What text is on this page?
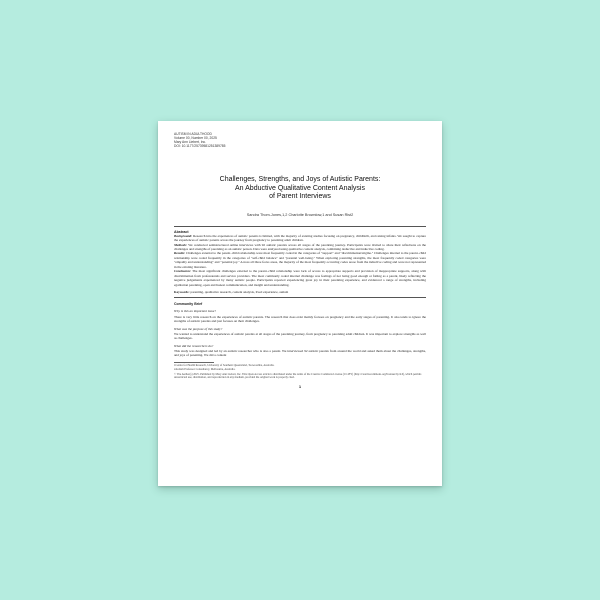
AUTISM IN ADULTHOOD
Volume 00, Number 00, 2025
Mary Ann Liebert, Inc.
DOI: 10.1177/25739581251389785
Challenges, Strengths, and Joys of Autistic Parents:
An Abductive Qualitative Content Analysis
of Parent Interviews
Sandra Thom-Jones,1,2 Charlotte Brownlow,1 and Susan Rist2
Abstract

Background: Research into the experiences of autistic parents is limited, with the majority of existing studies focusing on pregnancy, childbirth, and raising infants. We sought to capture the experiences of autistic parents across the journey from pregnancy to parenting adult children.

Methods: We conducted semistructured online interviews with 92 autistic parents across all stages of the parenting journey. Participants were invited to share their reflections on the challenges and strengths of parenting as an autistic person. Data were analyzed using qualitative content analysis, combining deductive and inductive coding.

Results: Challenges external to the parent–child relationship were most frequently coded in the categories of "support" and "discrimination/stigma." Challenges internal to the parent–child relationship were coded frequently in the categories of "self-child balance" and "parental well-being." When exploring parenting strengths, the most frequently coded categories were "empathy and understanding" and "parental joy." Across all three focus areas, the majority of the most frequently occurring codes arose from the inductive coding and were not represented in the existing literature.

Conclusion: The most significant challenges external to the parent–child relationship were lack of access to appropriate supports and provision of inappropriate supports, along with discrimination from professionals and service providers. The most commonly coded internal challenge was feelings of not being good enough or failing as a parent, likely reflecting the negative judgements experienced by many autistic people. Participants reported experiencing great joy in their parenting experience, and evidenced a range of strengths, including egalitarian parenting, open and honest communication, and insight and understanding.

Keywords: parenting, qualitative research, content analysis, lived experience, autism
Community Brief
Why is this an important issue?

There is very little research on the experiences of autistic parents. The research that does exist mainly focuses on pregnancy and the early stages of parenting. It also tends to ignore the strengths of autistic parents and just focuses on their challenges.

What was the purpose of this study?

We wanted to understand the experiences of autistic parents at all stages of the parenting journey, from pregnancy to parenting adult children. It was important to explore strengths as well as challenges.

What did the researchers do?

This study was designed and led by an autistic researcher who is also a parent. We interviewed 92 autistic parents from around the world and asked them about the challenges, strengths, and joys of parenting. We did a content

1Centre for Health Research, University of Southern Queensland, Toowoomba, Australia.
2Autism Professor Consultancy, Melbourne, Australia.
© The Author(s) 2025. Published by Mary Ann Liebert, Inc. This Open Access article is distributed under the terms of the Creative Commons License (CC-BY) (http://creativecommons.org/licenses/by/4.0), which permits unrestricted use, distribution, and reproduction in any medium, provided the original work is properly cited.
1
